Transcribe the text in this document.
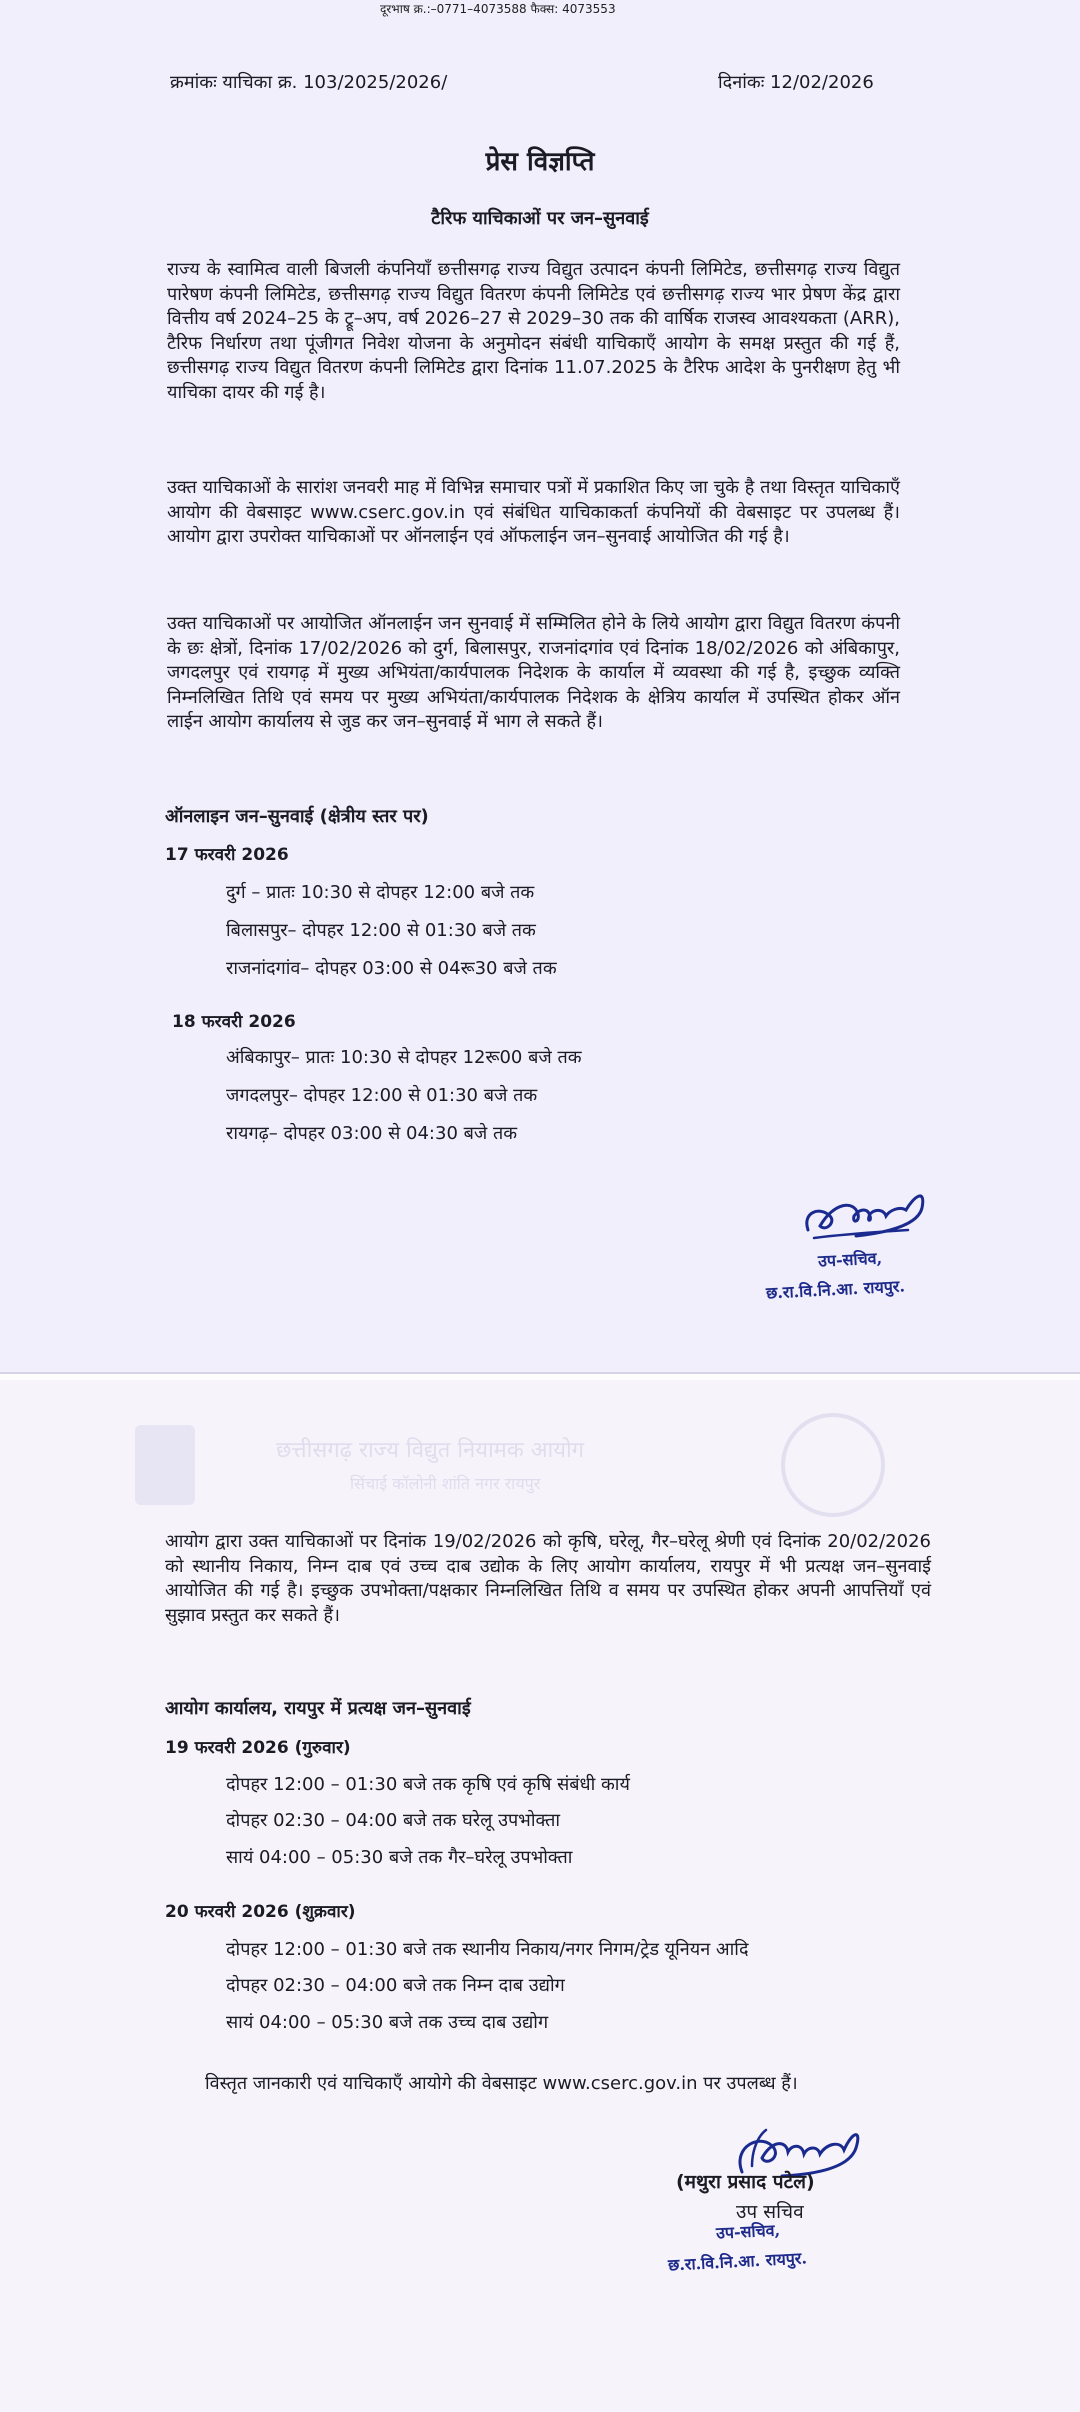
दूरभाष क्र.:–0771–4073588 फैक्स: 4073553
क्रमांकः याचिका क्र. 103/2025/2026/	दिनांकः 12/02/2026
प्रेस विज्ञप्ति
टैरिफ याचिकाओं पर जन–सुनवाई

राज्य के स्वामित्व वाली बिजली कंपनियाँ छत्तीसगढ़ राज्य विद्युत उत्पादन कंपनी लिमिटेड, छत्तीसगढ़ राज्य विद्युत पारेषण कंपनी लिमिटेड, छत्तीसगढ़ राज्य विद्युत वितरण कंपनी लिमिटेड एवं छत्तीसगढ़ राज्य भार प्रेषण केंद्र द्वारा वित्तीय वर्ष 2024–25 के ट्रू–अप, वर्ष 2026–27 से 2029–30 तक की वार्षिक राजस्व आवश्यकता (ARR), टैरिफ निर्धारण तथा पूंजीगत निवेश योजना के अनुमोदन संबंधी याचिकाएँ आयोग के समक्ष प्रस्तुत की गई हैं, छत्तीसगढ़ राज्य विद्युत वितरण कंपनी लिमिटेड द्वारा दिनांक 11.07.2025 के टैरिफ आदेश के पुनरीक्षण हेतु भी याचिका दायर की गई है।

उक्त याचिकाओं के सारांश जनवरी माह में विभिन्न समाचार पत्रों में प्रकाशित किए जा चुके है तथा विस्तृत याचिकाएँ आयोग की वेबसाइट www.cserc.gov.in एवं संबंधित याचिकाकर्ता कंपनियों की वेबसाइट पर उपलब्ध हैं। आयोग द्वारा उपरोक्त याचिकाओं पर ऑनलाईन एवं ऑफलाईन जन–सुनवाई आयोजित की गई है।

उक्त याचिकाओं पर आयोजित ऑनलाईन जन सुनवाई में सम्मिलित होने के लिये आयोग द्वारा विद्युत वितरण कंपनी के छः क्षेत्रों, दिनांक 17/02/2026 को दुर्ग, बिलासपुर, राजनांदगांव एवं दिनांक 18/02/2026 को अंबिकापुर, जगदलपुर एवं रायगढ़ में मुख्य अभियंता/कार्यपालक निदेशक के कार्याल में व्यवस्था की गई है, इच्छुक व्यक्ति निम्नलिखित तिथि एवं समय पर मुख्य अभियंता/कार्यपालक निदेशक के क्षेत्रिय कार्याल में उपस्थित होकर ऑन लाईन आयोग कार्यालय से जुड कर जन–सुनवाई में भाग ले सकते हैं।

ऑनलाइन जन–सुनवाई (क्षेत्रीय स्तर पर)
17 फरवरी 2026
दुर्ग – प्रातः 10:30 से दोपहर 12:00 बजे तक
बिलासपुर– दोपहर 12:00 से 01:30 बजे तक
राजनांदगांव– दोपहर 03:00 से 04रू30 बजे तक
18 फरवरी 2026
अंबिकापुर– प्रातः 10:30 से दोपहर 12रू00 बजे तक
जगदलपुर– दोपहर 12:00 से 01:30 बजे तक
रायगढ़– दोपहर 03:00 से 04:30 बजे तक
उप-सचिव,
छ.रा.वि.नि.आ. रायपुर.
छत्तीसगढ़ राज्य विद्युत नियामक आयोग
सिंचाई कॉलोनी शांति नगर रायपुर

आयोग द्वारा उक्त याचिकाओं पर दिनांक 19/02/2026 को कृषि, घरेलू, गैर–घरेलू श्रेणी एवं दिनांक 20/02/2026 को स्थानीय निकाय, निम्न दाब एवं उच्च दाब उद्योक के लिए आयोग कार्यालय, रायपुर में भी प्रत्यक्ष जन–सुनवाई आयोजित की गई है। इच्छुक उपभोक्ता/पक्षकार निम्नलिखित तिथि व समय पर उपस्थित होकर अपनी आपत्तियाँ एवं सुझाव प्रस्तुत कर सकते हैं।

आयोग कार्यालय, रायपुर में प्रत्यक्ष जन–सुनवाई
19 फरवरी 2026 (गुरुवार)
दोपहर 12:00 – 01:30 बजे तक कृषि एवं कृषि संबंधी कार्य
दोपहर 02:30 – 04:00 बजे तक घरेलू उपभोक्ता
सायं 04:00 – 05:30 बजे तक गैर–घरेलू उपभोक्ता
20 फरवरी 2026 (शुक्रवार)
दोपहर 12:00 – 01:30 बजे तक स्थानीय निकाय/नगर निगम/ट्रेड यूनियन आदि
दोपहर 02:30 – 04:00 बजे तक निम्न दाब उद्योग
सायं 04:00 – 05:30 बजे तक उच्च दाब उद्योग

विस्तृत जानकारी एवं याचिकाएँ आयोगे की वेबसाइट www.cserc.gov.in पर उपलब्ध हैं।

(मथुरा प्रसाद पटेल)
उप सचिव
उप-सचिव,
छ.रा.वि.नि.आ. रायपुर.
